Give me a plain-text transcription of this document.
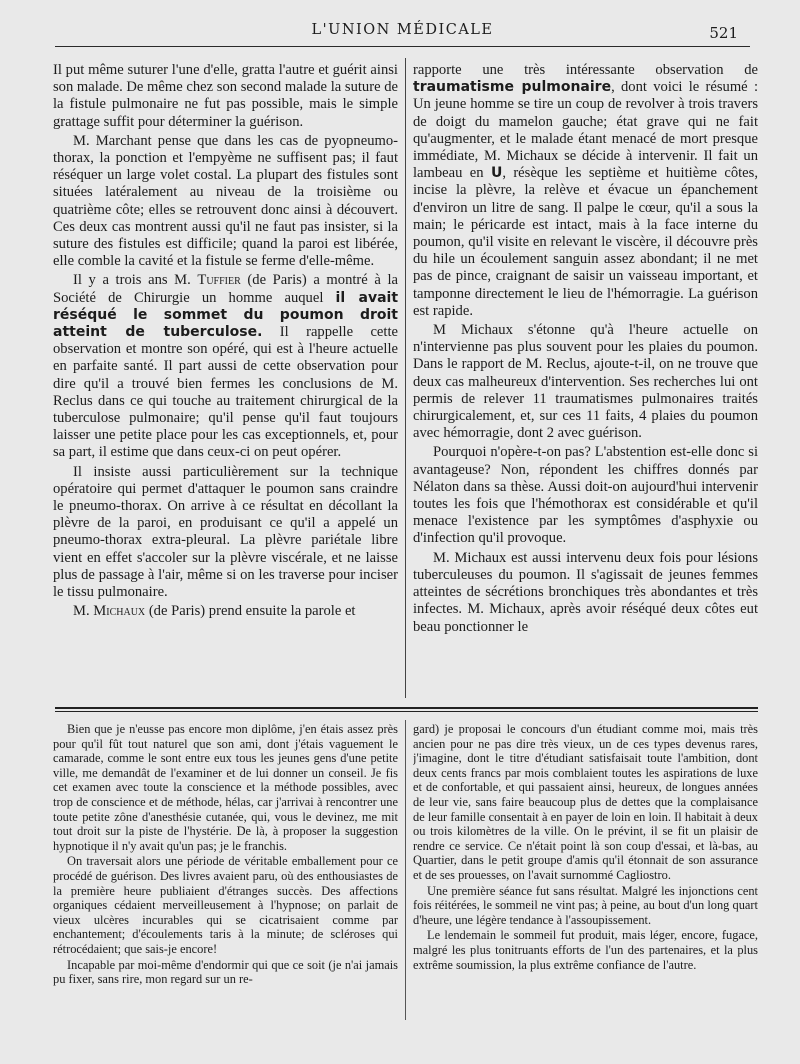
L'UNION MÉDICALE	521

Il put même suturer l'une d'elle, gratta l'autre et guérit ainsi son malade. De même chez son second malade la suture de la fistule pulmonaire ne fut pas possible, mais le simple grattage suffit pour déterminer la guérison.

M. Marchant pense que dans les cas de pyopneumo-thorax, la ponction et l'empyème ne suffisent pas; il faut réséquer un large volet costal. La plupart des fistules sont situées latéralement au niveau de la troisième ou quatrième côte; elles se retrouvent donc ainsi à découvert. Ces deux cas montrent aussi qu'il ne faut pas insister, si la suture des fistules est difficile; quand la paroi est libérée, elle comble la cavité et la fistule se ferme d'elle-même.

Il y a trois ans M. Tuffier (de Paris) a montré à la Société de Chirurgie un homme auquel il avait réséqué le sommet du poumon droit atteint de tuberculose. Il rappelle cette observation et montre son opéré, qui est à l'heure actuelle en parfaite santé. Il part aussi de cette observation pour dire qu'il a trouvé bien fermes les conclusions de M. Reclus dans ce qui touche au traitement chirurgical de la tuberculose pulmonaire; qu'il pense qu'il faut toujours laisser une petite place pour les cas exceptionnels, et, pour sa part, il estime que dans ceux-ci on peut opérer.

Il insiste aussi particulièrement sur la technique opératoire qui permet d'attaquer le poumon sans craindre le pneumo-thorax. On arrive à ce résultat en décollant la plèvre de la paroi, en produisant ce qu'il a appelé un pneumo-thorax extra-pleural. La plèvre pariétale libre vient en effet s'accoler sur la plèvre viscérale, et ne laisse plus de passage à l'air, même si on les traverse pour inciser le tissu pulmonaire.

M. Michaux (de Paris) prend ensuite la parole et

rapporte une très intéressante observation de traumatisme pulmonaire, dont voici le résumé : Un jeune homme se tire un coup de revolver à trois travers de doigt du mamelon gauche; état grave qui ne fait qu'augmenter, et le malade étant menacé de mort presque immédiate, M. Michaux se décide à intervenir. Il fait un lambeau en U, résèque les septième et huitième côtes, incise la plèvre, la relève et évacue un épanchement d'environ un litre de sang. Il palpe le cœur, qu'il a sous la main; le péricarde est intact, mais à la face interne du poumon, qu'il visite en relevant le viscère, il découvre près du hile un écoulement sanguin assez abondant; il ne met pas de pince, craignant de saisir un vaisseau important, et tamponne directement le lieu de l'hémorragie. La guérison est rapide.

M Michaux s'étonne qu'à l'heure actuelle on n'intervienne pas plus souvent pour les plaies du poumon. Dans le rapport de M. Reclus, ajoute-t-il, on ne trouve que deux cas malheureux d'intervention. Ses recherches lui ont permis de relever 11 traumatismes pulmonaires traités chirurgicalement, et, sur ces 11 faits, 4 plaies du poumon avec hémorragie, dont 2 avec guérison.

Pourquoi n'opère-t-on pas? L'abstention est-elle donc si avantageuse? Non, répondent les chiffres donnés par Nélaton dans sa thèse. Aussi doit-on aujourd'hui intervenir toutes les fois que l'hémothorax est considérable et qu'il menace l'existence par les symptômes d'asphyxie ou d'infection qu'il provoque.

M. Michaux est aussi intervenu deux fois pour lésions tuberculeuses du poumon. Il s'agissait de jeunes femmes atteintes de sécrétions bronchiques très abondantes et très infectes. M. Michaux, après avoir réséqué deux côtes eut beau ponctionner le

Bien que je n'eusse pas encore mon diplôme, j'en étais assez près pour qu'il fût tout naturel que son ami, dont j'étais vaguement le camarade, comme le sont entre eux tous les jeunes gens d'une petite ville, me demandât de l'examiner et de lui donner un conseil. Je fis cet examen avec toute la conscience et la méthode possibles, avec trop de conscience et de méthode, hélas, car j'arrivai à rencontrer une toute petite zône d'anesthésie cutanée, qui, vous le devinez, me mit tout droit sur la piste de l'hystérie. De là, à proposer la suggestion hypnotique il n'y avait qu'un pas; je le franchis.

On traversait alors une période de véritable emballement pour ce procédé de guérison. Des livres avaient paru, où des enthousiastes de la première heure publiaient d'étranges succès. Des affections organiques cédaient merveilleusement à l'hypnose; on parlait de vieux ulcères incurables qui se cicatrisaient comme par enchantement; d'écoulements taris à la minute; de scléroses qui rétrocédaient; que sais-je encore!

Incapable par moi-même d'endormir qui que ce soit (je n'ai jamais pu fixer, sans rire, mon regard sur un re-

gard) je proposai le concours d'un étudiant comme moi, mais très ancien pour ne pas dire très vieux, un de ces types devenus rares, j'imagine, dont le titre d'étudiant satisfaisait toute l'ambition, dont deux cents francs par mois comblaient toutes les aspirations de luxe et de confortable, et qui passaient ainsi, heureux, de longues années de leur vie, sans faire beaucoup plus de dettes que la complaisance de leur famille consentait à en payer de loin en loin. Il habitait à deux ou trois kilomètres de la ville. On le prévint, il se fit un plaisir de rendre ce service. Ce n'était point là son coup d'essai, et là-bas, au Quartier, dans le petit groupe d'amis qu'il étonnait de son assurance et de ses prouesses, on l'avait surnommé Cagliostro.

Une première séance fut sans résultat. Malgré les injonctions cent fois réitérées, le sommeil ne vint pas; à peine, au bout d'un long quart d'heure, une légère tendance à l'assoupissement.

Le lendemain le sommeil fut produit, mais léger, encore, fugace, malgré les plus tonitruants efforts de l'un des partenaires, et la plus extrême soumission, la plus extrême confiance de l'autre.
